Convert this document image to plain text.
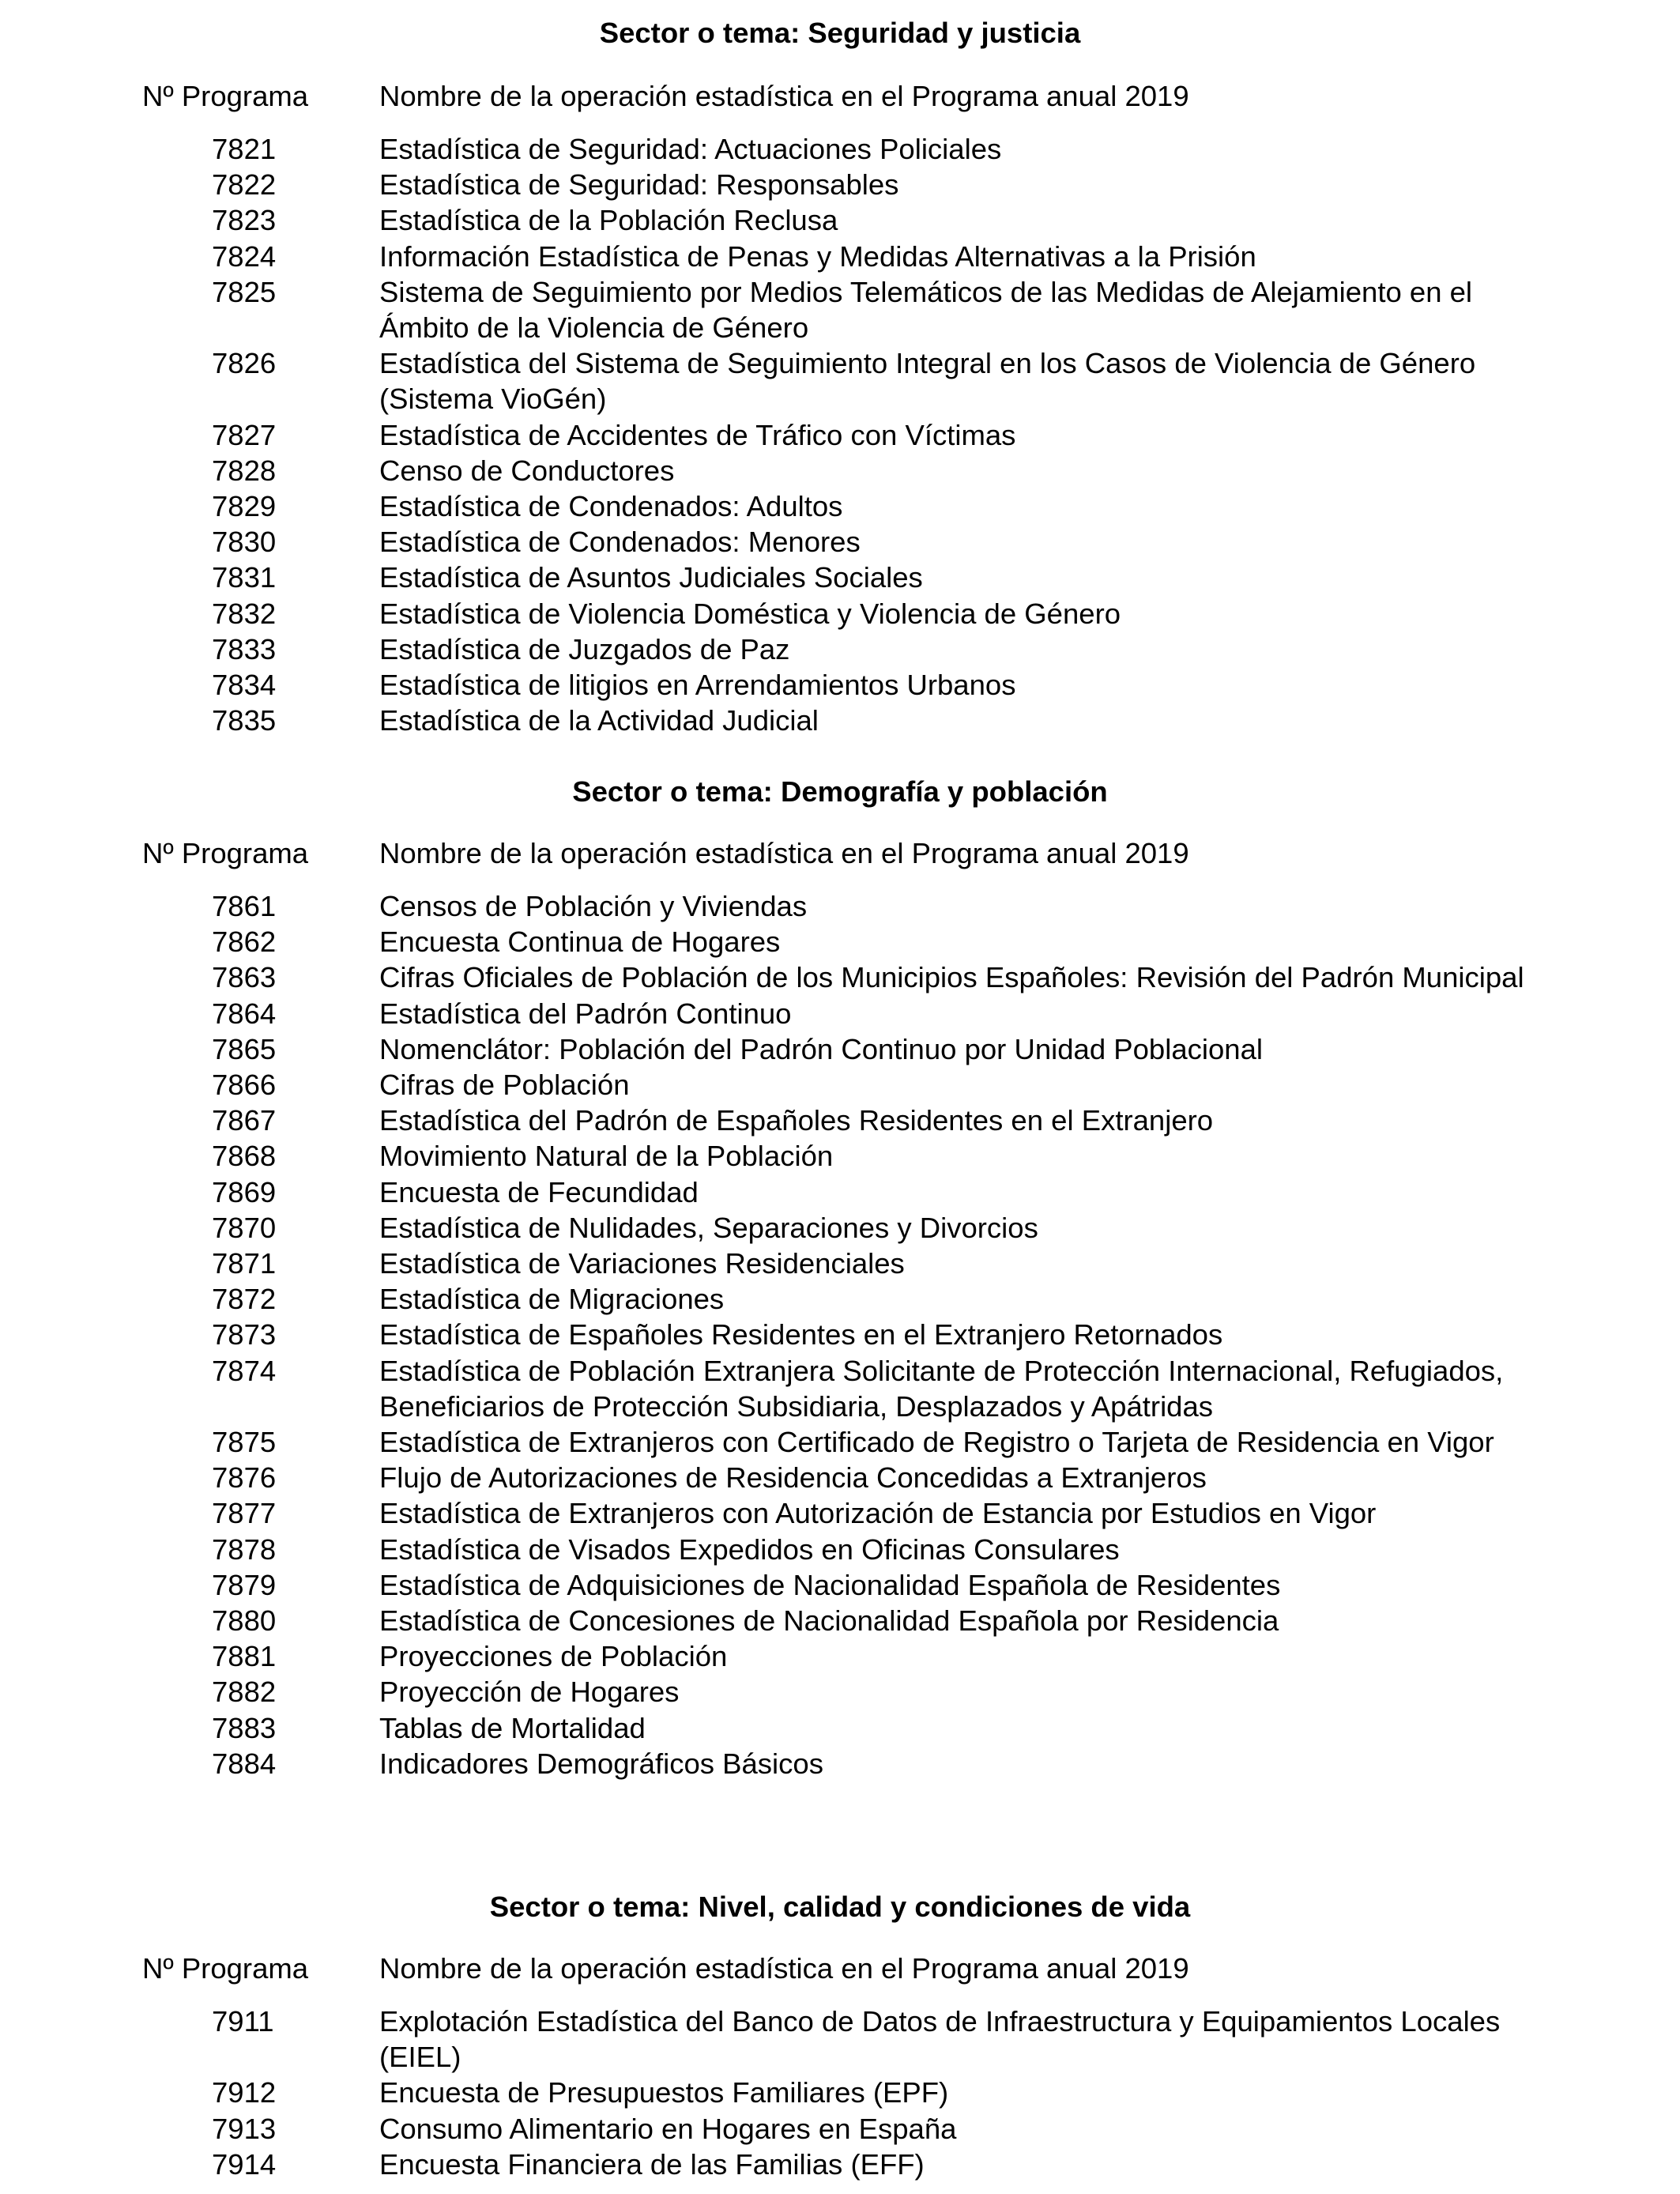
Sector o tema: Seguridad y justicia
Nº Programa Nombre de la operación estadística en el Programa anual 2019
7821	Estadística de Seguridad: Actuaciones Policiales
7822	Estadística de Seguridad: Responsables
7823	Estadística de la Población Reclusa
7824	Información Estadística de Penas y Medidas Alternativas a la Prisión
7825	Sistema de Seguimiento por Medios Telemáticos de las Medidas de Alejamiento en el Ámbito de la Violencia de Género
7826	Estadística del Sistema de Seguimiento Integral en los Casos de Violencia de Género (Sistema VioGén)
7827	Estadística de Accidentes de Tráfico con Víctimas
7828	Censo de Conductores
7829	Estadística de Condenados: Adultos
7830	Estadística de Condenados: Menores
7831	Estadística de Asuntos Judiciales Sociales
7832	Estadística de Violencia Doméstica y Violencia de Género
7833	Estadística de Juzgados de Paz
7834	Estadística de litigios en Arrendamientos Urbanos
7835	Estadística de la Actividad Judicial
Sector o tema: Demografía y población
Nº Programa Nombre de la operación estadística en el Programa anual 2019
7861	Censos de Población y Viviendas
7862	Encuesta Continua de Hogares
7863	Cifras Oficiales de Población de los Municipios Españoles: Revisión del Padrón Municipal
7864	Estadística del Padrón Continuo
7865	Nomenclátor: Población del Padrón Continuo por Unidad Poblacional
7866	Cifras de Población
7867	Estadística del Padrón de Españoles Residentes en el Extranjero
7868	Movimiento Natural de la Población
7869	Encuesta de Fecundidad
7870	Estadística de Nulidades, Separaciones y Divorcios
7871	Estadística de Variaciones Residenciales
7872	Estadística de Migraciones
7873	Estadística de Españoles Residentes en el Extranjero Retornados
7874	Estadística de Población Extranjera Solicitante de Protección Internacional, Refugiados, Beneficiarios de Protección Subsidiaria, Desplazados y Apátridas
7875	Estadística de Extranjeros con Certificado de Registro o Tarjeta de Residencia en Vigor
7876	Flujo de Autorizaciones de Residencia Concedidas a Extranjeros
7877	Estadística de Extranjeros con Autorización de Estancia por Estudios en Vigor
7878	Estadística de Visados Expedidos en Oficinas Consulares
7879	Estadística de Adquisiciones de Nacionalidad Española de Residentes
7880	Estadística de Concesiones de Nacionalidad Española por Residencia
7881	Proyecciones de Población
7882	Proyección de Hogares
7883	Tablas de Mortalidad
7884	Indicadores Demográficos Básicos
Sector o tema: Nivel, calidad y condiciones de vida
Nº Programa Nombre de la operación estadística en el Programa anual 2019
7911	Explotación Estadística del Banco de Datos de Infraestructura y Equipamientos Locales (EIEL)
7912	Encuesta de Presupuestos Familiares (EPF)
7913	Consumo Alimentario en Hogares en España
7914	Encuesta Financiera de las Familias (EFF)
